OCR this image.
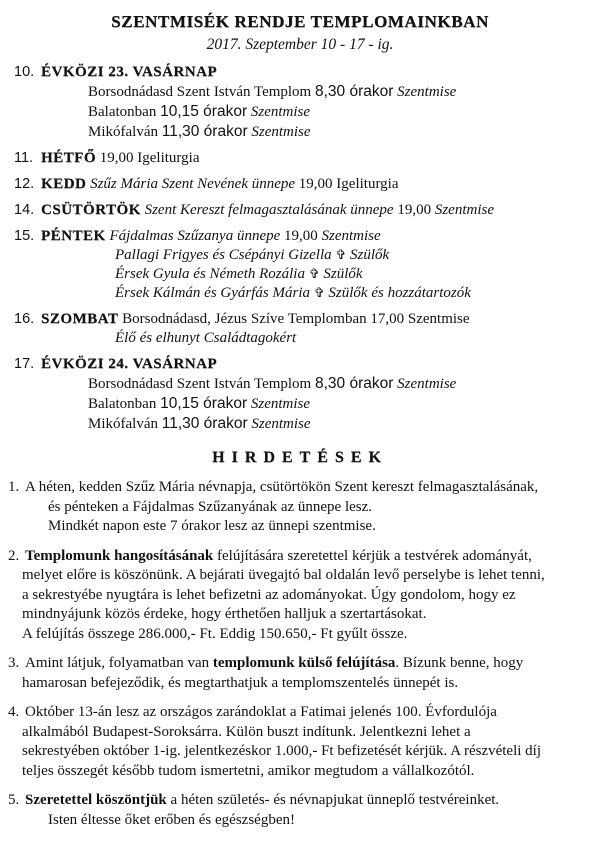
SZENTMISÉK RENDJE TEMPLOMAINKBAN
2017. Szeptember 10 - 17 - ig.
10. ÉVKÖZI 23. VASÁRNAP
Borsodnádasd Szent István Templom 8,30 órakor Szentmise
Balatonban 10,15 órakor Szentmise
Mikófalván 11,30 órakor Szentmise
11. HÉTFŐ 19,00 Igeliturgia
12. KEDD Szűz Mária Szent Nevének ünnepe 19,00 Igeliturgia
14. CSÜTÖRTÖK Szent Kereszt felmagasztalásának ünnepe 19,00 Szentmise
15. PÉNTEK Fájdalmas Szűzanya ünnepe 19,00 Szentmise
Pallagi Frigyes és Csépányi Gizella ✞ Szülők
Érsek Gyula és Németh Rozália ✞ Szülők
Érsek Kálmán és Gyárfás Mária ✞ Szülők és hozzátartozók
16. SZOMBAT Borsodnádasd, Jézus Szíve Templomban 17,00 Szentmise
Élő és elhunyt Családtagokért
17. ÉVKÖZI 24. VASÁRNAP
Borsodnádasd Szent István Templom 8,30 órakor Szentmise
Balatonban 10,15 órakor Szentmise
Mikófalván 11,30 órakor Szentmise
HIRDETÉSEK
1. A héten, kedden Szűz Mária névnapja, csütörtökön Szent kereszt felmagasztalásának,
és pénteken a Fájdalmas Szűzanyának az ünnepe lesz.
Mindkét napon este 7 órakor lesz az ünnepi szentmise.
2. Templomunk hangosításának felújítására szeretettel kérjük a testvérek adományát,
melyet előre is köszönünk. A bejárati üvegajtó bal oldalán levő perselybe is lehet tenni,
a sekrestyébe nyugtára is lehet befizetni az adományokat. Úgy gondolom, hogy ez
mindnyájunk közös érdeke, hogy érthetően halljuk a szertartásokat.
A felújítás összege 286.000,- Ft. Eddig 150.650,- Ft gyűlt össze.
3. Amint látjuk, folyamatban van templomunk külső felújítása. Bízunk benne, hogy
hamarosan befejeződik, és megtarthatjuk a templomszentelés ünnepét is.
4. Október 13-án lesz az országos zarándoklat a Fatimai jelenés 100. Évfordulója
alkalmából Budapest-Soroksárra. Külön buszt indítunk. Jelentkezni lehet a
sekrestyében október 1-ig. jelentkezéskor 1.000,- Ft befizetését kérjük. A részvételi díj
teljes összegét később tudom ismertetni, amikor megtudom a vállalkozótól.
5. Szeretettel köszöntjük a héten születés- és névnapjukat ünneplő testvéreinket.
Isten éltesse őket erőben és egészségben!
